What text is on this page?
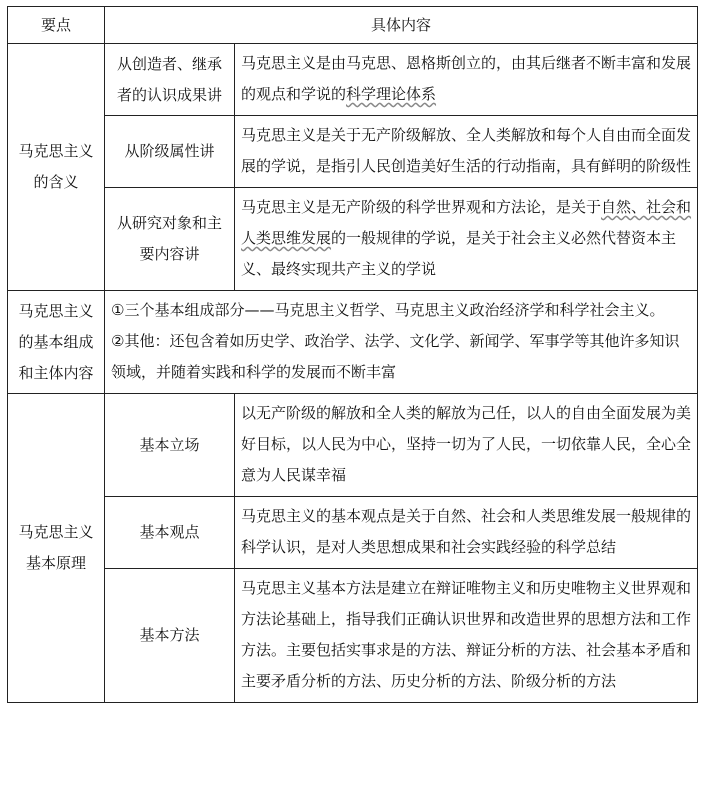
要点	具体内容	
马克思主义的含义	从创造者、继承者的认识成果讲	马克思主义是由马克思、恩格斯创立的，由其后继者不断丰富和发展的观点和学说的科学理论体系
	从阶级属性讲	马克思主义是关于无产阶级解放、全人类解放和每个人自由而全面发展的学说，是指引人民创造美好生活的行动指南，具有鲜明的阶级性
	从研究对象和主要内容讲	马克思主义是无产阶级的科学世界观和方法论，是关于自然、社会和人类思维发展的一般规律的学说，是关于社会主义必然代替资本主义、最终实现共产主义的学说
马克思主义的基本组成和主体内容	①三个基本组成部分——马克思主义哲学、马克思主义政治经济学和科学社会主义。
②其他：还包含着如历史学、政治学、法学、文化学、新闻学、军事学等其他许多知识领域，并随着实践和科学的发展而不断丰富	

马克思主义基本原理	基本立场	以无产阶级的解放和全人类的解放为己任，以人的自由全面发展为美好目标，以人民为中心，坚持一切为了人民，一切依靠人民，全心全意为人民谋幸福
	基本观点	马克思主义的基本观点是关于自然、社会和人类思维发展一般规律的科学认识，是对人类思想成果和社会实践经验的科学总结
	基本方法	马克思主义基本方法是建立在辩证唯物主义和历史唯物主义世界观和方法论基础上，指导我们正确认识世界和改造世界的思想方法和工作方法。主要包括实事求是的方法、辩证分析的方法、社会基本矛盾和主要矛盾分析的方法、历史分析的方法、阶级分析的方法
